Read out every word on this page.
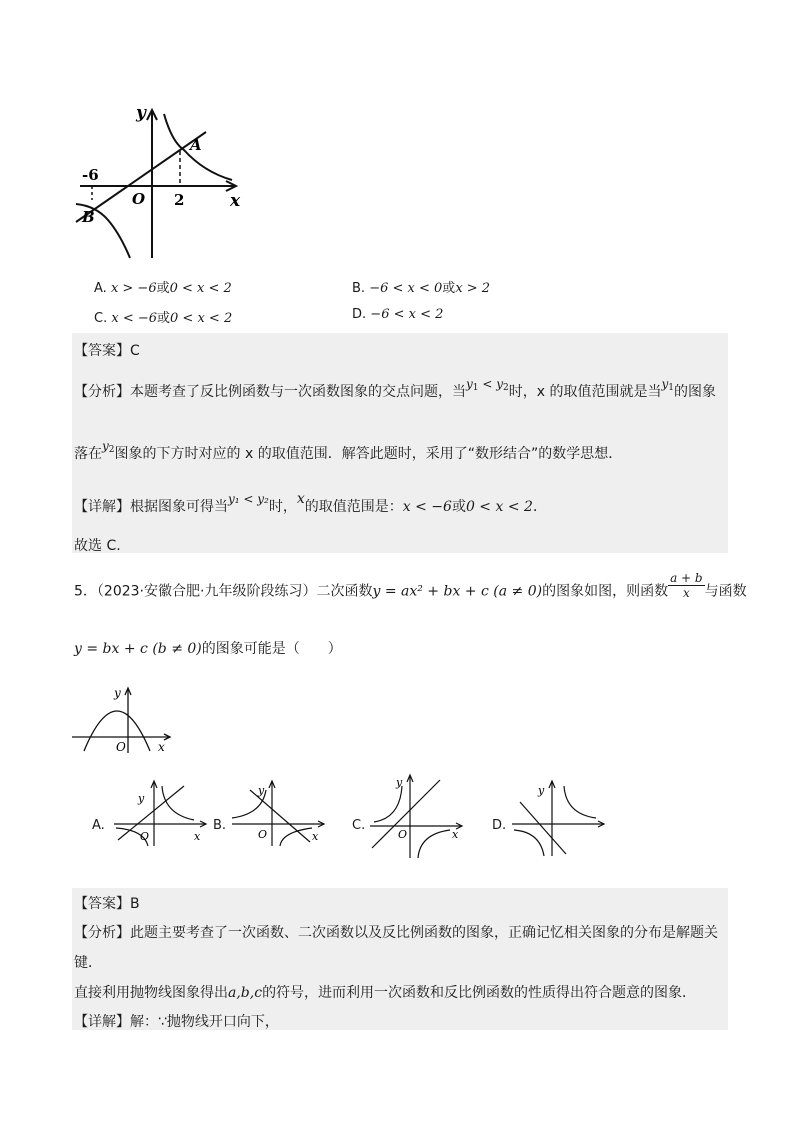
y
x
-6
O 2
A
B
A. x > −6或0 < x < 2	B. −6 < x < 0或x > 2
C. x < −6或0 < x < 2	D. −6 < x < 2
【答案】C
【分析】本题考查了反比例函数与一次函数图象的交点问题，当$y_1 < y_2$时，x 的取值范围就是当$y_1$的图象
落在$y_2$图象的下方时对应的 x 的取值范围．解答此题时，采用了“数形结合”的数学思想．
【详解】根据图象可得当y₁ < y₂时，x的取值范围是：x < −6或0 < x < 2．
故选 C.
5．（2023·安徽合肥·九年级阶段练习）二次函数y = ax² + bx + c (a ≠ 0)的图象如图，则函数 $\frac{a + b}{x}$ 与函数
y = bx + c (b ≠ 0)的图象可能是（　　）
y
x
O
A.
y
x
O
B.
y
x
O
C.
y
x
O
D.
y
【答案】B
【分析】此题主要考查了一次函数、二次函数以及反比例函数的图象，正确记忆相关图象的分布是解题关
键．
直接利用抛物线图象得出a,b,c的符号，进而利用一次函数和反比例函数的性质得出符合题意的图象．
【详解】解：∵抛物线开口向下，
